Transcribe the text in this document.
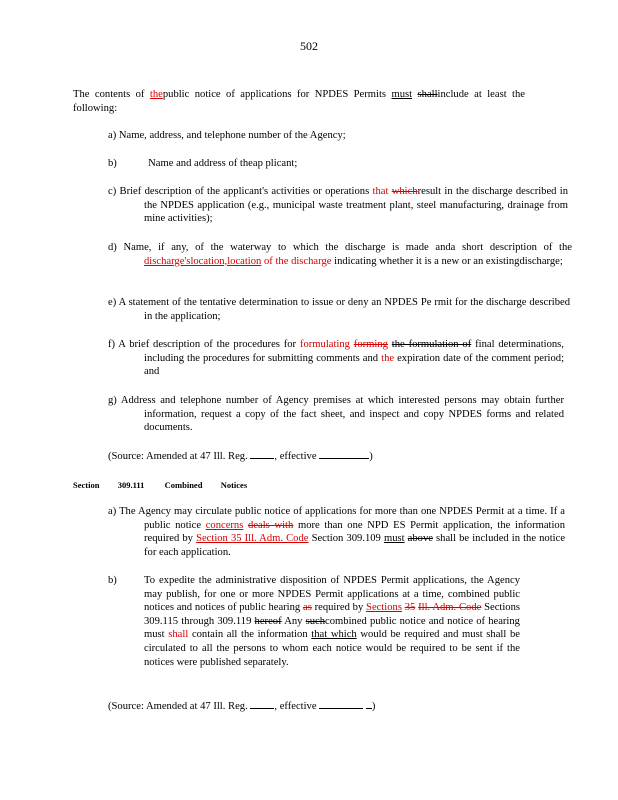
502
The contents of thepublic notice of applications for NPDES Permits must shallinclude at least the following:
a) Name, address, and telephone number of the Agency;
b)	Name and address of theap plicant;
c) Brief description of the applicant's activities or operations that whichresult in the discharge described in the NPDES application (e.g., municipal waste treatment plant, steel manufacturing, drainage from mine activities);
d) Name, if any, of the waterway to which the discharge is made anda short description of the discharge'slocation,location of the discharge indicating whether it is a new or an existingdischarge;
e) A statement of the tentative determination to issue or deny an NPDES Pe rmit for the discharge described in the application;
f) A brief description of the procedures for formulating forming the formulation of final determinations, including the procedures for submitting comments and the expiration date of the comment period; and
g) Address and telephone number of Agency premises at which interested persons may obtain further information, request a copy of the fact sheet, and inspect and copy NPDES forms and related documents.
(Source: Amended at 47 Ill. Reg.	, effective	)
Section 309.111 Combined Notices
a) The Agency may circulate public notice of applications for more than one NPDES Permit at a time. If a public notice concerns deals with more than one NPD ES Permit application, the information required by Section 35 Ill. Adm. Code Section 309.109 must above shall be included in the notice for each application.
b)	To expedite the administrative disposition of NPDES Permit applications, the Agency may publish, for one or more NPDES Permit applications at a time, combined public notices and notices of public hearing as required by Sections 35 Ill. Adm. Code Sections 309.115 through 309.119 hereof Any suchcombined public notice and notice of hearing must shall contain all the information that which would be required and must shall be circulated to all the persons to whom each notice would be required to be sent if the notices were published separately.
(Source: Amended at 47 Ill. Reg.	, effective	)
